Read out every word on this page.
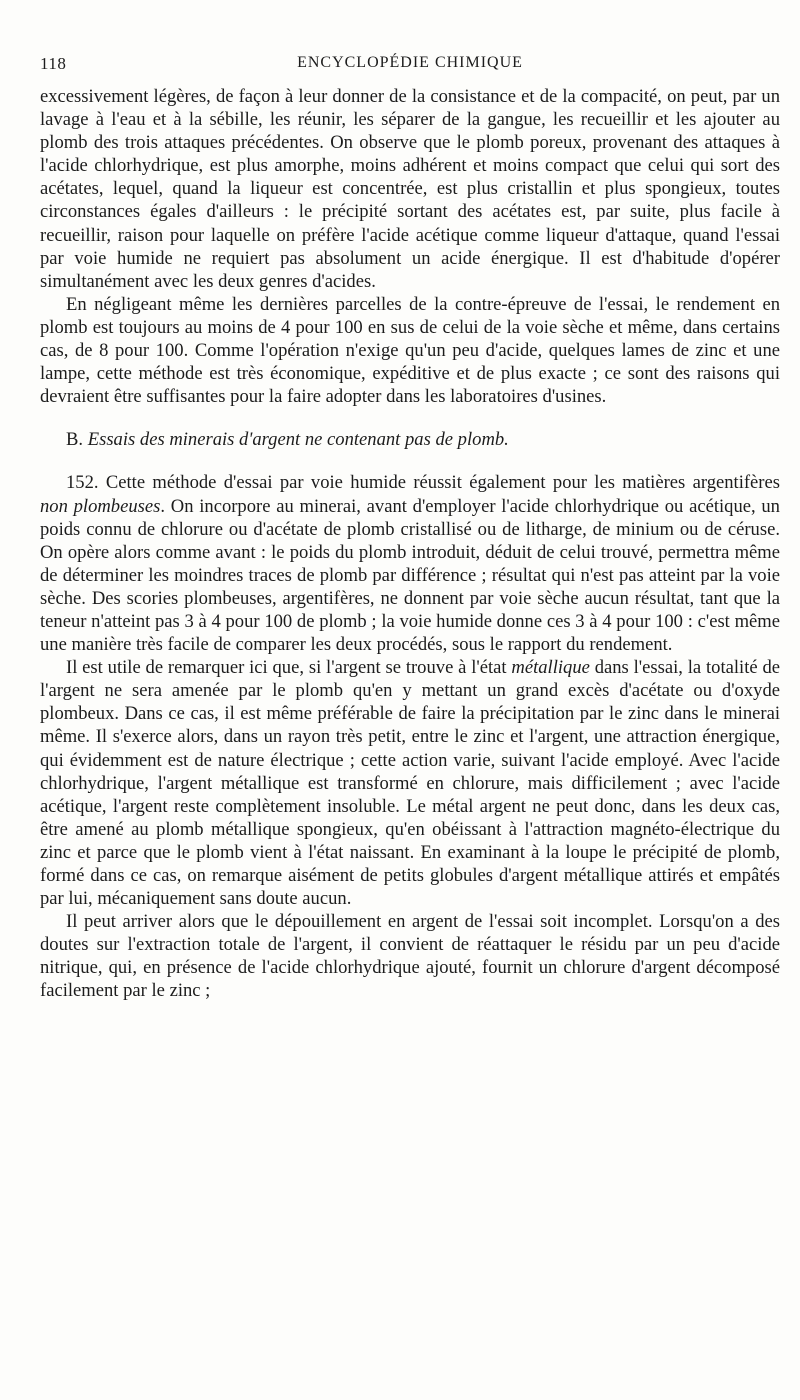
118	ENCYCLOPÉDIE CHIMIQUE

excessivement légères, de façon à leur donner de la consistance et de la compacité, on peut, par un lavage à l'eau et à la sébille, les réunir, les séparer de la gangue, les recueillir et les ajouter au plomb des trois attaques précédentes. On observe que le plomb poreux, provenant des attaques à l'acide chlorhydrique, est plus amorphe, moins adhérent et moins compact que celui qui sort des acétates, lequel, quand la liqueur est concentrée, est plus cristallin et plus spongieux, toutes circonstances égales d'ailleurs : le précipité sortant des acétates est, par suite, plus facile à recueillir, raison pour laquelle on préfère l'acide acétique comme liqueur d'attaque, quand l'essai par voie humide ne requiert pas absolument un acide énergique. Il est d'habitude d'opérer simultanément avec les deux genres d'acides.

En négligeant même les dernières parcelles de la contre-épreuve de l'essai, le rendement en plomb est toujours au moins de 4 pour 100 en sus de celui de la voie sèche et même, dans certains cas, de 8 pour 100. Comme l'opération n'exige qu'un peu d'acide, quelques lames de zinc et une lampe, cette méthode est très économique, expéditive et de plus exacte ; ce sont des raisons qui devraient être suffisantes pour la faire adopter dans les laboratoires d'usines.

B. Essais des minerais d'argent ne contenant pas de plomb.

152. Cette méthode d'essai par voie humide réussit également pour les matières argentifères non plombeuses. On incorpore au minerai, avant d'employer l'acide chlorhydrique ou acétique, un poids connu de chlorure ou d'acétate de plomb cristallisé ou de litharge, de minium ou de céruse. On opère alors comme avant : le poids du plomb introduit, déduit de celui trouvé, permettra même de déterminer les moindres traces de plomb par différence ; résultat qui n'est pas atteint par la voie sèche. Des scories plombeuses, argentifères, ne donnent par voie sèche aucun résultat, tant que la teneur n'atteint pas 3 à 4 pour 100 de plomb ; la voie humide donne ces 3 à 4 pour 100 : c'est même une manière très facile de comparer les deux procédés, sous le rapport du rendement.

Il est utile de remarquer ici que, si l'argent se trouve à l'état métallique dans l'essai, la totalité de l'argent ne sera amenée par le plomb qu'en y mettant un grand excès d'acétate ou d'oxyde plombeux. Dans ce cas, il est même préférable de faire la précipitation par le zinc dans le minerai même. Il s'exerce alors, dans un rayon très petit, entre le zinc et l'argent, une attraction énergique, qui évidemment est de nature électrique ; cette action varie, suivant l'acide employé. Avec l'acide chlorhydrique, l'argent métallique est transformé en chlorure, mais difficilement ; avec l'acide acétique, l'argent reste complètement insoluble. Le métal argent ne peut donc, dans les deux cas, être amené au plomb métallique spongieux, qu'en obéissant à l'attraction magnéto-électrique du zinc et parce que le plomb vient à l'état naissant. En examinant à la loupe le précipité de plomb, formé dans ce cas, on remarque aisément de petits globules d'argent métallique attirés et empâtés par lui, mécaniquement sans doute aucun.

Il peut arriver alors que le dépouillement en argent de l'essai soit incomplet. Lorsqu'on a des doutes sur l'extraction totale de l'argent, il convient de réattaquer le résidu par un peu d'acide nitrique, qui, en présence de l'acide chlorhydrique ajouté, fournit un chlorure d'argent décomposé facilement par le zinc ;
